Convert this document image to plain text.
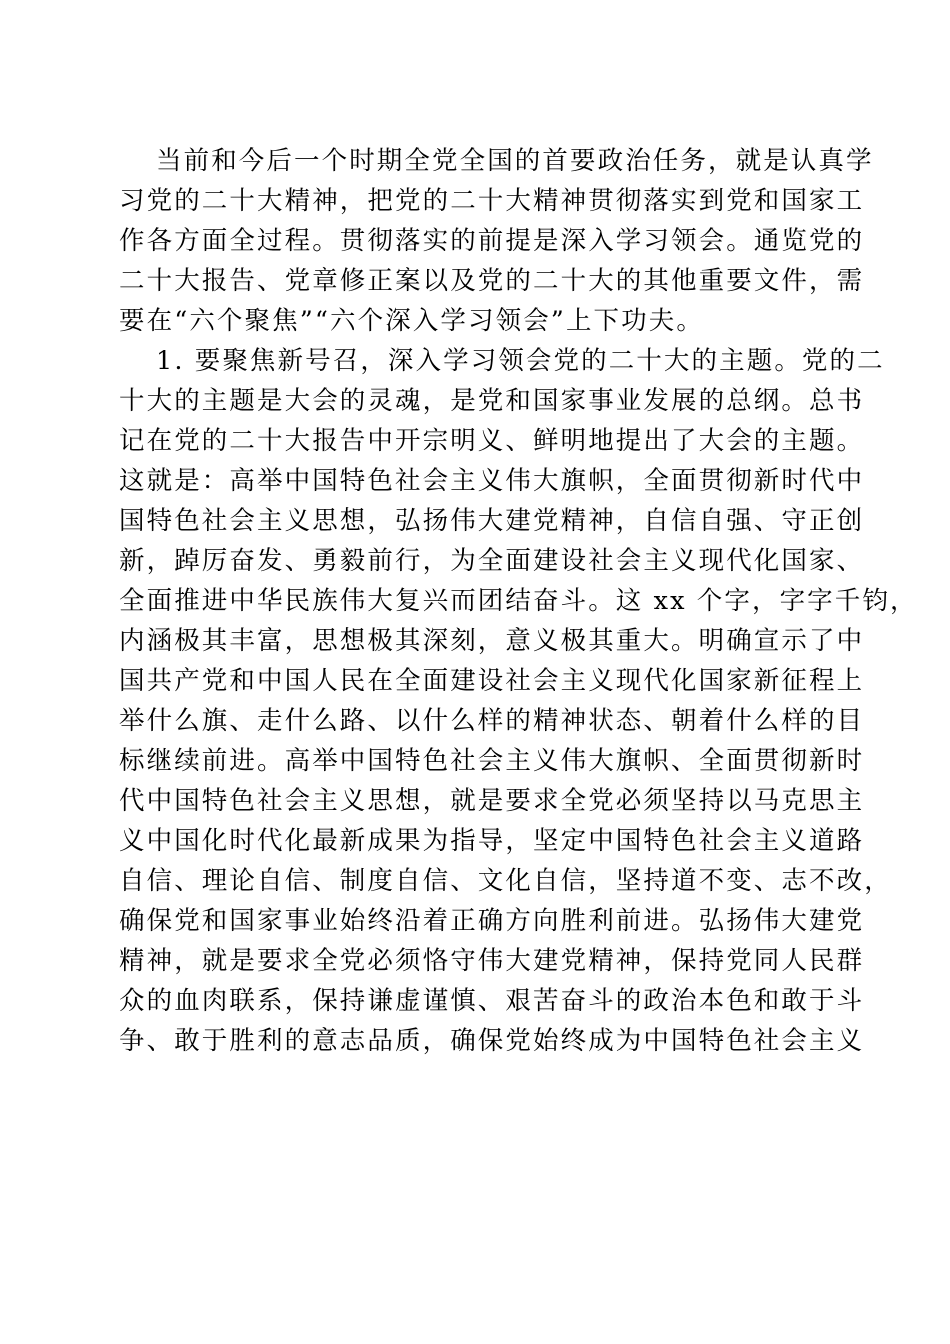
当前和今后一个时期全党全国的首要政治任务，就是认真学
习党的二十大精神，把党的二十大精神贯彻落实到党和国家工
作各方面全过程。贯彻落实的前提是深入学习领会。通览党的
二十大报告、党章修正案以及党的二十大的其他重要文件，需
要在“六个聚焦”“六个深入学习领会”上下功夫。
1. 要聚焦新号召，深入学习领会党的二十大的主题。党的二
十大的主题是大会的灵魂，是党和国家事业发展的总纲。总书
记在党的二十大报告中开宗明义、鲜明地提出了大会的主题。
这就是：高举中国特色社会主义伟大旗帜，全面贯彻新时代中
国特色社会主义思想，弘扬伟大建党精神，自信自强、守正创
新，踔厉奋发、勇毅前行，为全面建设社会主义现代化国家、
全面推进中华民族伟大复兴而团结奋斗。这 xx 个字，字字千钧，
内涵极其丰富，思想极其深刻，意义极其重大。明确宣示了中
国共产党和中国人民在全面建设社会主义现代化国家新征程上
举什么旗、走什么路、以什么样的精神状态、朝着什么样的目
标继续前进。高举中国特色社会主义伟大旗帜、全面贯彻新时
代中国特色社会主义思想，就是要求全党必须坚持以马克思主
义中国化时代化最新成果为指导，坚定中国特色社会主义道路
自信、理论自信、制度自信、文化自信，坚持道不变、志不改，
确保党和国家事业始终沿着正确方向胜利前进。弘扬伟大建党
精神，就是要求全党必须恪守伟大建党精神，保持党同人民群
众的血肉联系，保持谦虚谨慎、艰苦奋斗的政治本色和敢于斗
争、敢于胜利的意志品质，确保党始终成为中国特色社会主义
